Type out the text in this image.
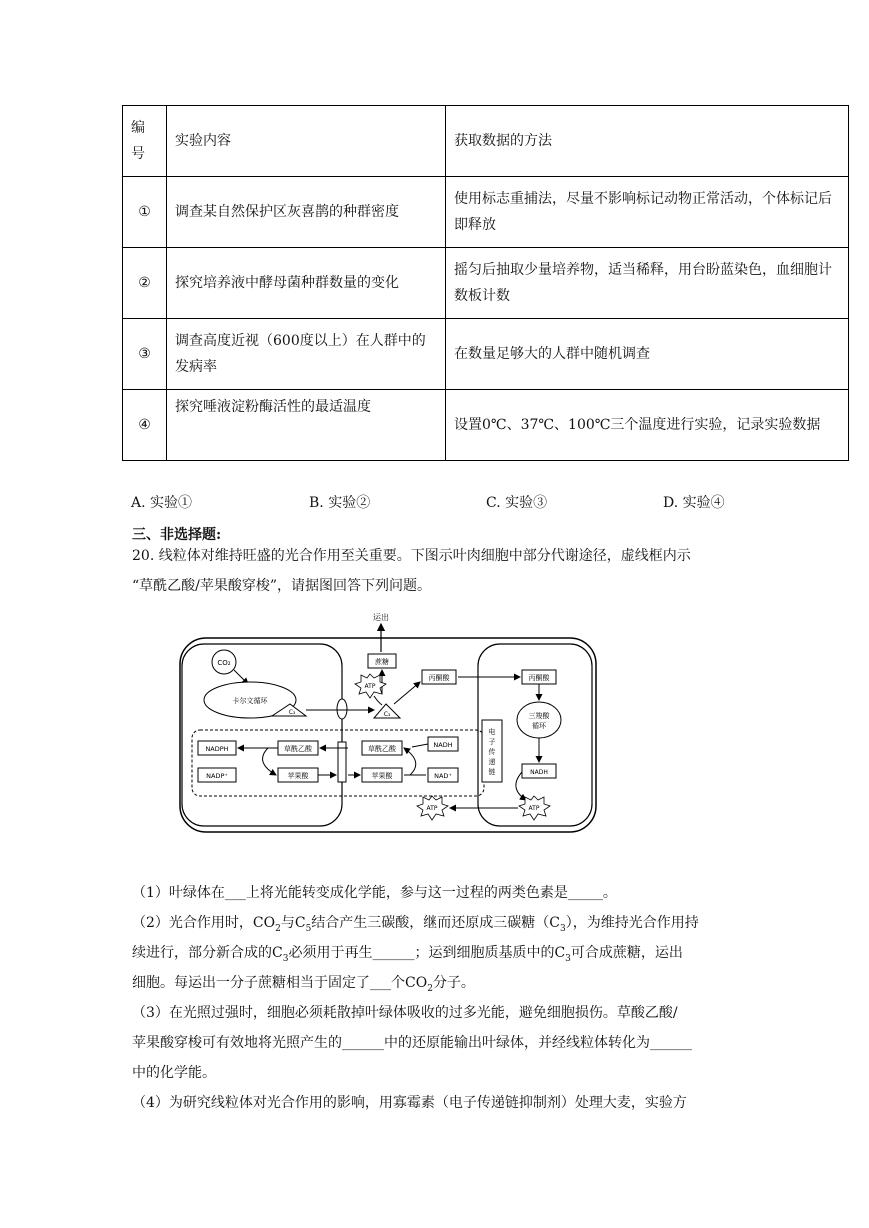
编号	实验内容	获取数据的方法
①	调查某自然保护区灰喜鹊的种群密度	使用标志重捕法，尽量不影响标记动物正常活动，个体标记后即释放
②	探究培养液中酵母菌种群数量的变化	摇匀后抽取少量培养物，适当稀释，用台盼蓝染色，血细胞计数板计数
③	调查高度近视（600度以上）在人群中的发病率	在数量足够大的人群中随机调查
④	探究唾液淀粉酶活性的最适温度	设置0℃、37℃、100℃三个温度进行实验，记录实验数据
A. 实验①	B. 实验②	C. 实验③	D. 实验④
三、非选择题:
20. 线粒体对维持旺盛的光合作用至关重要。下图示叶肉细胞中部分代谢途径，虚线框内示
“草酰乙酸/苹果酸穿梭”，请据图回答下列问题。
运出
蔗糖
CO₂
卡尔文循环
C₃	C₃
ATP
丙酮酸	丙酮酸
三羧酸
循环
NADH
电
子
传
递
链
ATP
ATP
NADPH
NADP⁺
草酰乙酸
苹果酸
草酰乙酸
苹果酸
NADH
NAD⁺
（1）叶绿体在___上将光能转变成化学能，参与这一过程的两类色素是_____。
（2）光合作用时，$CO_2$与$C_5$结合产生三碳酸，继而还原成三碳糖$(C_3)$，为维持光合作用持
续进行，部分新合成的$C_3$必须用于再生______；运到细胞质基质中的$C_3$可合成蔗糖，运出
细胞。每运出一分子蔗糖相当于固定了___个$CO_2$分子。
（3）在光照过强时，细胞必须耗散掉叶绿体吸收的过多光能，避免细胞损伤。草酸乙酸/
苹果酸穿梭可有效地将光照产生的______中的还原能输出叶绿体，并经线粒体转化为______
中的化学能。
（4）为研究线粒体对光合作用的影响，用寡霉素（电子传递链抑制剂）处理大麦，实验方
